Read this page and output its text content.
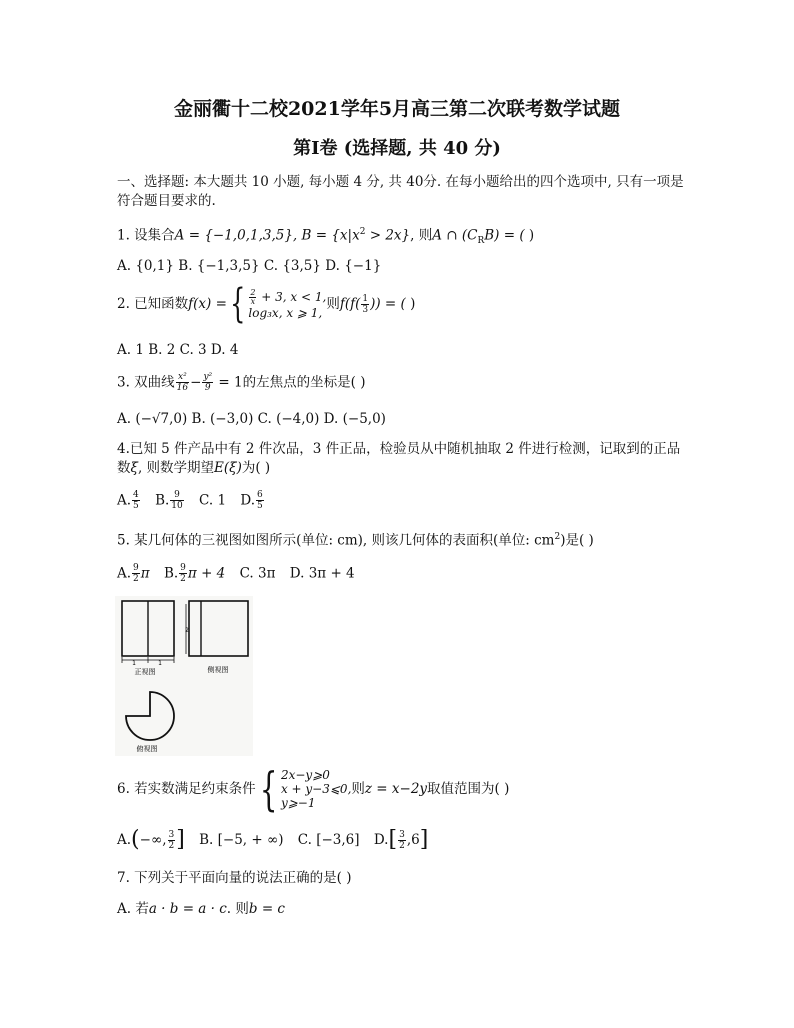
金丽衢十二校2021学年5月高三第二次联考数学试题
第I卷 (选择题, 共 40 分)
一、选择题: 本大题共 10 小题, 每小题 4 分, 共 40分. 在每小题给出的四个选项中, 只有一项是
符合题目要求的.
1. 设集合A = {−1,0,1,3,5}, $B = \{x|x^2 > 2x\}$, 则A ∩ $(C_RB)$ = ( )
A. {0,1} B. {−1,3,5} C. {3,5} D. {−1}
2. 已知函数f(x) ={ $\frac{2}{x} + 3$, x < 1,
log₃x, x ⩾ 1,
则$f(f( \frac{1}{3}$ )) = ( )
A. 1 B. 2 C. 3 D. 4
3. 双曲线 $\frac{\text{x²}}{16} - \frac{\text{y²}}{9} = 1$的左焦点的坐标是( )
A. (−√7,0) B. (−3,0) C. (−4,0) D. (−5,0)
4.已知 5 件产品中有 2 件次品，3 件正品，检验员从中随机抽取 2 件进行检测，记取到的正品
数ξ, 则数学期望E(ξ)为( )
A. $\frac{4}{5} B$. $\frac{9}{10} C$. 1 D. $\frac{6}{5}$
5. 某几何体的三视图如图所示(单位: cm), 则该几何体的表面积(单位: $cm^2$)是( )
A. $\frac{9}{2}$ π B. $\frac{9}{2}$ π + 4 C. 3π D. 3π + 4
1	1
正视图
2
侧视图
俯视图
6. 若实数满足约束条件{ 2x−y⩾0
x + y−3⩽0,
y⩾−1
则z = x−2y取值范围为( )
A.(−∞, $\frac{3}{2}$ ] B. [−5, + ∞) C. [−3,6] $D.[ \frac{3}{2} ,6]$
7. 下列关于平面向量的说法正确的是( )
A. 若a · b = a · c. 则b = c
